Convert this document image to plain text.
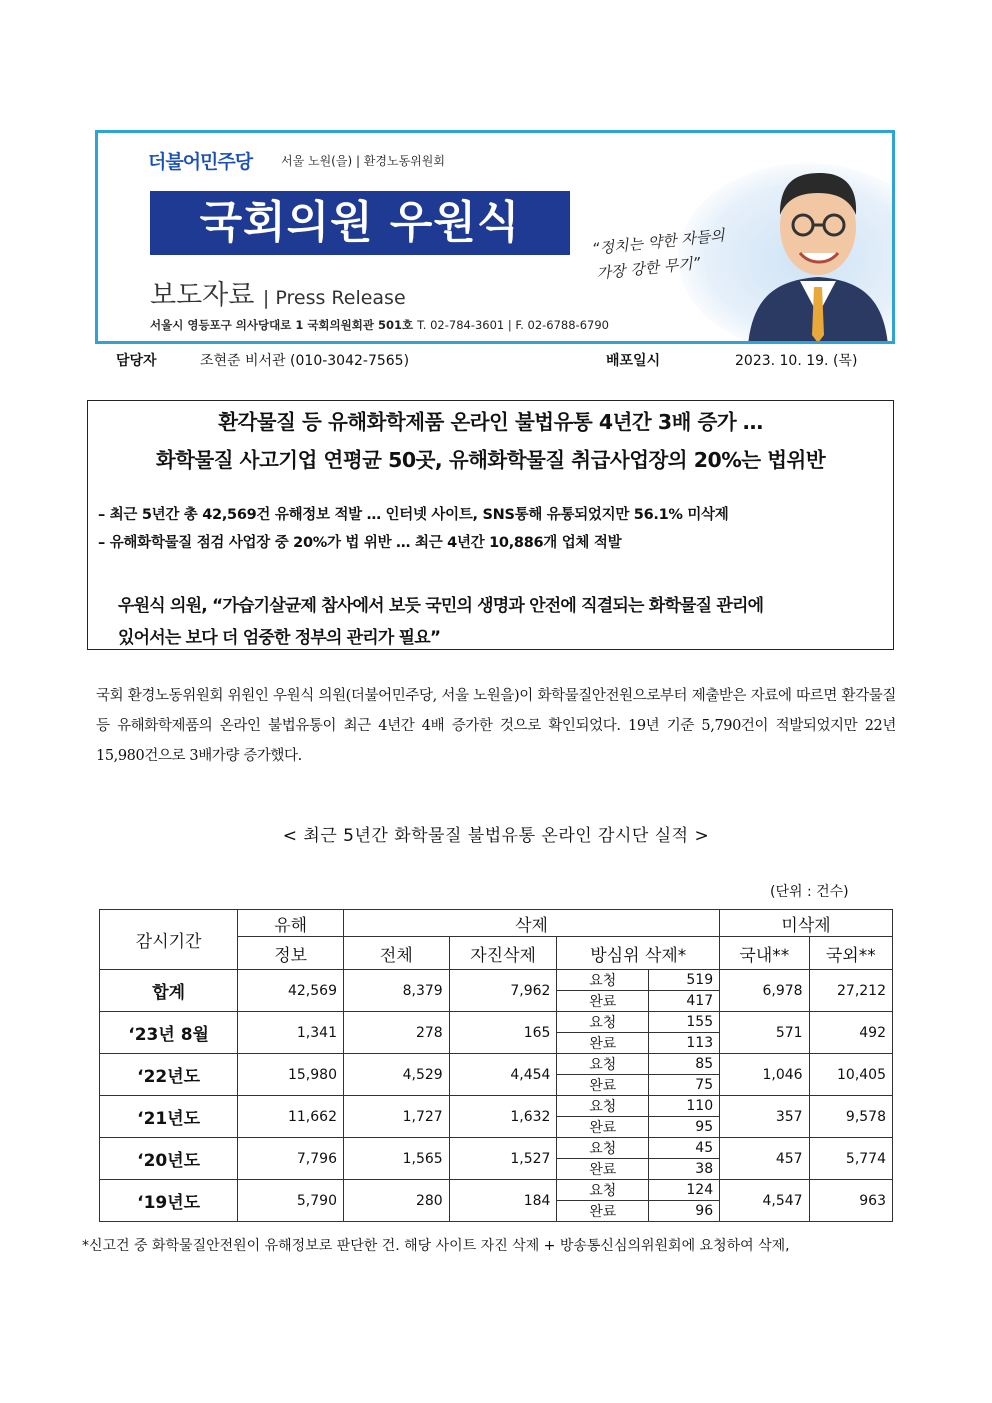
더불어민주당 서울 노원(을) | 환경노동위원회
국회의원 우원식
보도자료 | Press Release
서울시 영등포구 의사당대로 1 국회의원회관 501호 T. 02-784-3601 | F. 02-6788-6790
“정치는 약한 자들의
가장 강한 무기”
담당자	조현준 비서관 (010-3042-7565)	배포일시	2023. 10. 19. (목)
환각물질 등 유해화학제품 온라인 불법유통 4년간 3배 증가 …
화학물질 사고기업 연평균 50곳, 유해화학물질 취급사업장의 20%는 법위반
– 최근 5년간 총 42,569건 유해정보 적발 … 인터넷 사이트, SNS통해 유통되었지만 56.1% 미삭제
– 유해화학물질 점검 사업장 중 20%가 법 위반 … 최근 4년간 10,886개 업체 적발
우원식 의원, “가습기살균제 참사에서 보듯 국민의 생명과 안전에 직결되는 화학물질 관리에
있어서는 보다 더 엄중한 정부의 관리가 필요”
국회 환경노동위원회 위원인 우원식 의원(더불어민주당, 서울 노원을)이 화학물질안전원으로부터 제출받은 자료에 따르면 환각물질 등 유해화학제품의 온라인 불법유통이 최근 4년간 4배 증가한 것으로 확인되었다. 19년 기준 5,790건이 적발되었지만 22년 15,980건으로 3배가량 증가했다.
< 최근 5년간 화학물질 불법유통 온라인 감시단 실적 >
(단위 : 건수)
감시기간	유해	삭제				미삭제	
	정보	전체	자진삭제	방심위 삭제*		국내**	국외**
합계	42,569	8,379	7,962	요청	519	6,978	27,212
				완료	417		
‘23년 8월	1,341	278	165	요청	155	571	492
				완료	113		
‘22년도	15,980	4,529	4,454	요청	85	1,046	10,405
				완료	75		
‘21년도	11,662	1,727	1,632	요청	110	357	9,578
				완료	95		
‘20년도	7,796	1,565	1,527	요청	45	457	5,774
				완료	38		
‘19년도	5,790	280	184	요청	124	4,547	963
				완료	96		
*신고건 중 화학물질안전원이 유해정보로 판단한 건. 해당 사이트 자진 삭제 + 방송통신심의위원회에 요청하여 삭제,
